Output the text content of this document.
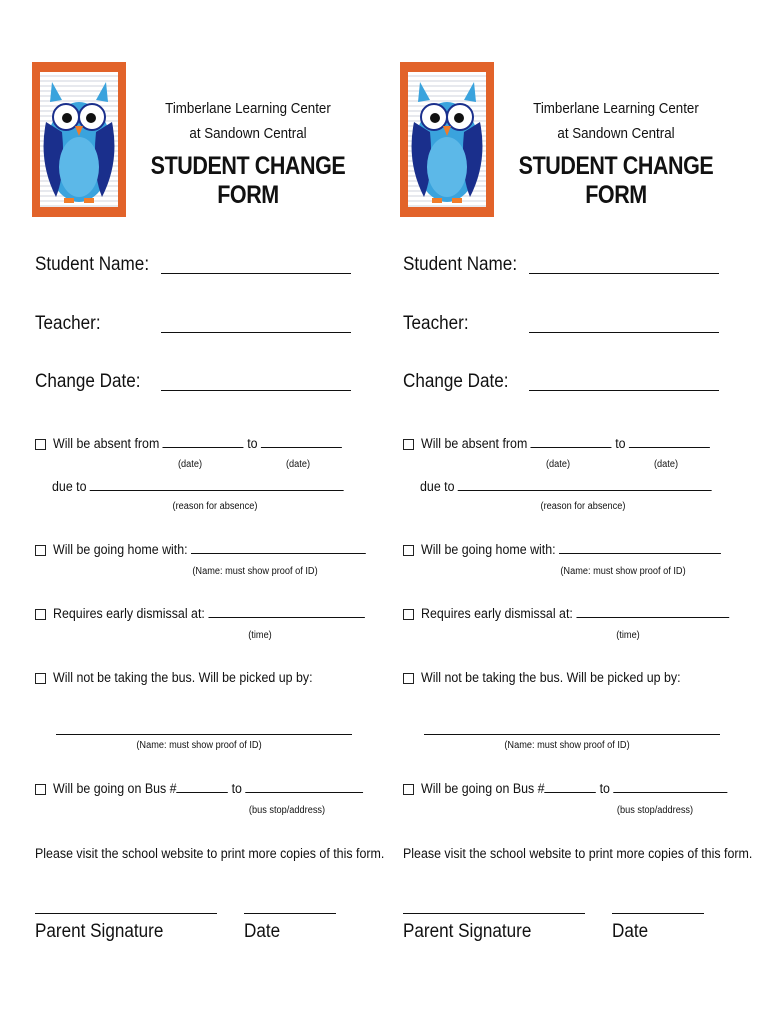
Timberlane Learning Center
at Sandown Central
STUDENT CHANGE FORM
Student Name:
Teacher:
Change Date:
Will be absent from	to
(date)	(date)
due to
(reason for absence)
Will be going home with:
(Name: must show proof of ID)
Requires early dismissal at:
(time)
Will not be taking the bus. Will be picked up by:
(Name: must show proof of ID)
Will be going on Bus #	to
(bus stop/address)
Please visit the school website to print more copies of this form.
Parent Signature	Date
Timberlane Learning Center
at Sandown Central
STUDENT CHANGE FORM
Student Name:
Teacher:
Change Date:
Will be absent from	to
(date)	(date)
due to
(reason for absence)
Will be going home with:
(Name: must show proof of ID)
Requires early dismissal at:
(time)
Will not be taking the bus. Will be picked up by:
(Name: must show proof of ID)
Will be going on Bus #	to
(bus stop/address)
Please visit the school website to print more copies of this form.
Parent Signature	Date
